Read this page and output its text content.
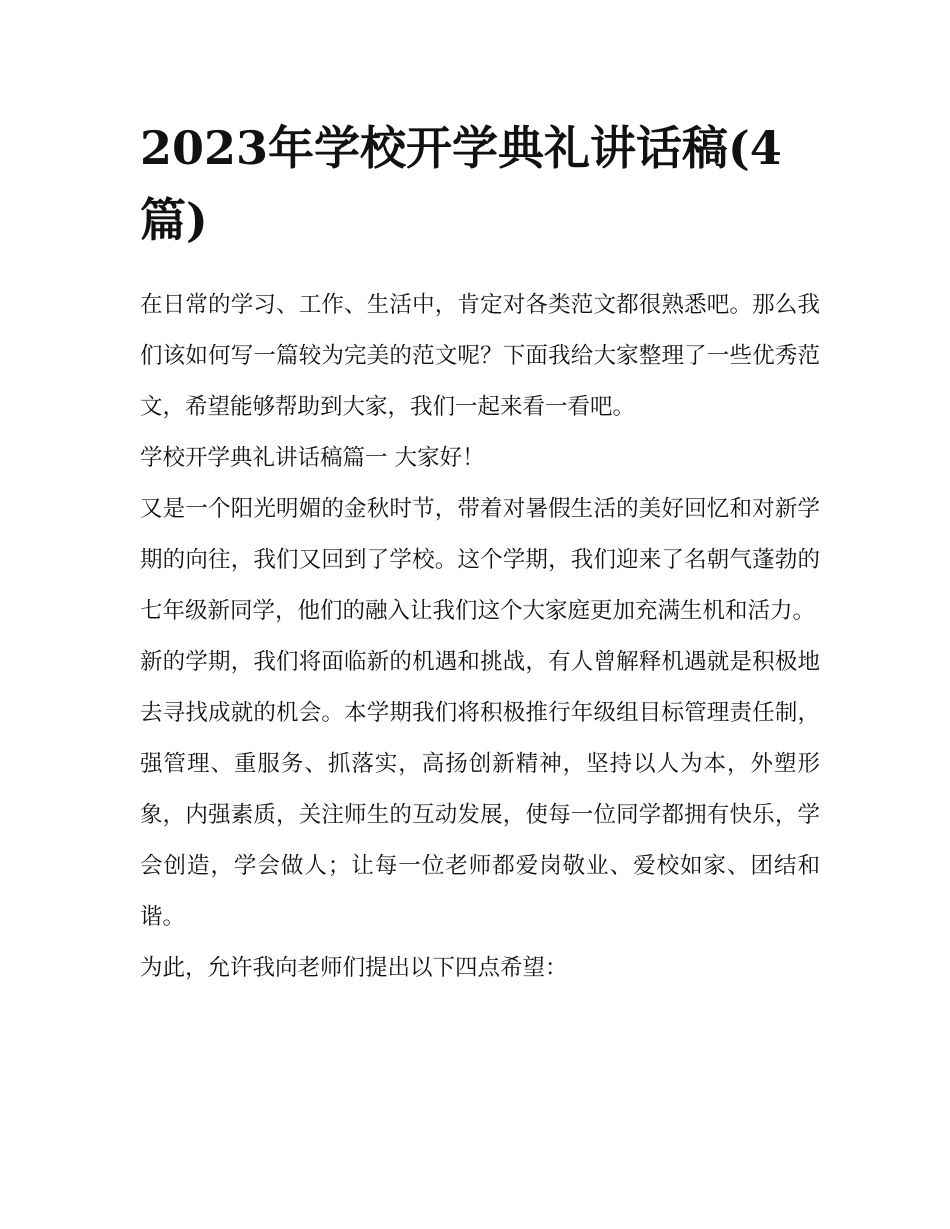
2023年学校开学典礼讲话稿(4篇)

在日常的学习、工作、生活中，肯定对各类范文都很熟悉吧。那么我们该如何写一篇较为完美的范文呢？下面我给大家整理了一些优秀范文，希望能够帮助到大家，我们一起来看一看吧。

学校开学典礼讲话稿篇一 大家好！

又是一个阳光明媚的金秋时节，带着对暑假生活的美好回忆和对新学期的向往，我们又回到了学校。这个学期，我们迎来了名朝气蓬勃的七年级新同学，他们的融入让我们这个大家庭更加充满生机和活力。

新的学期，我们将面临新的机遇和挑战，有人曾解释机遇就是积极地去寻找成就的机会。本学期我们将积极推行年级组目标管理责任制，强管理、重服务、抓落实，高扬创新精神，坚持以人为本，外塑形象，内强素质，关注师生的互动发展，使每一位同学都拥有快乐，学会创造，学会做人；让每一位老师都爱岗敬业、爱校如家、团结和谐。

为此，允许我向老师们提出以下四点希望：
